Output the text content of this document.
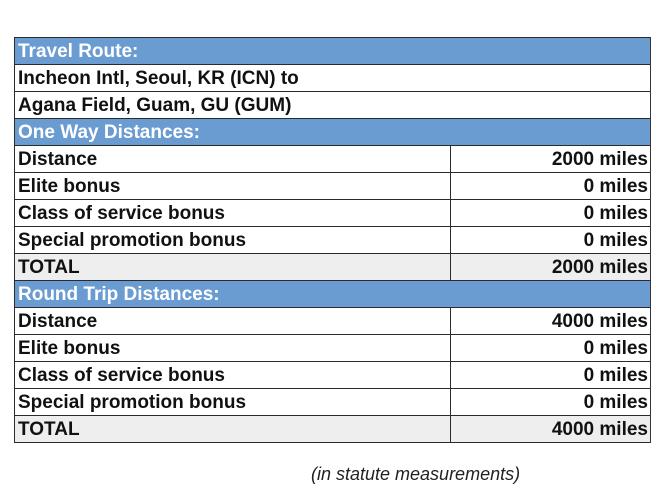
Travel Route:	
Incheon Intl, Seoul, KR (ICN) to	
Agana Field, Guam, GU (GUM)	
One Way Distances:	
Distance	2000 miles
Elite bonus	0 miles
Class of service bonus	0 miles
Special promotion bonus	0 miles
TOTAL	2000 miles
Round Trip Distances:	
Distance	4000 miles
Elite bonus	0 miles
Class of service bonus	0 miles
Special promotion bonus	0 miles
TOTAL	4000 miles
(in statute measurements)
